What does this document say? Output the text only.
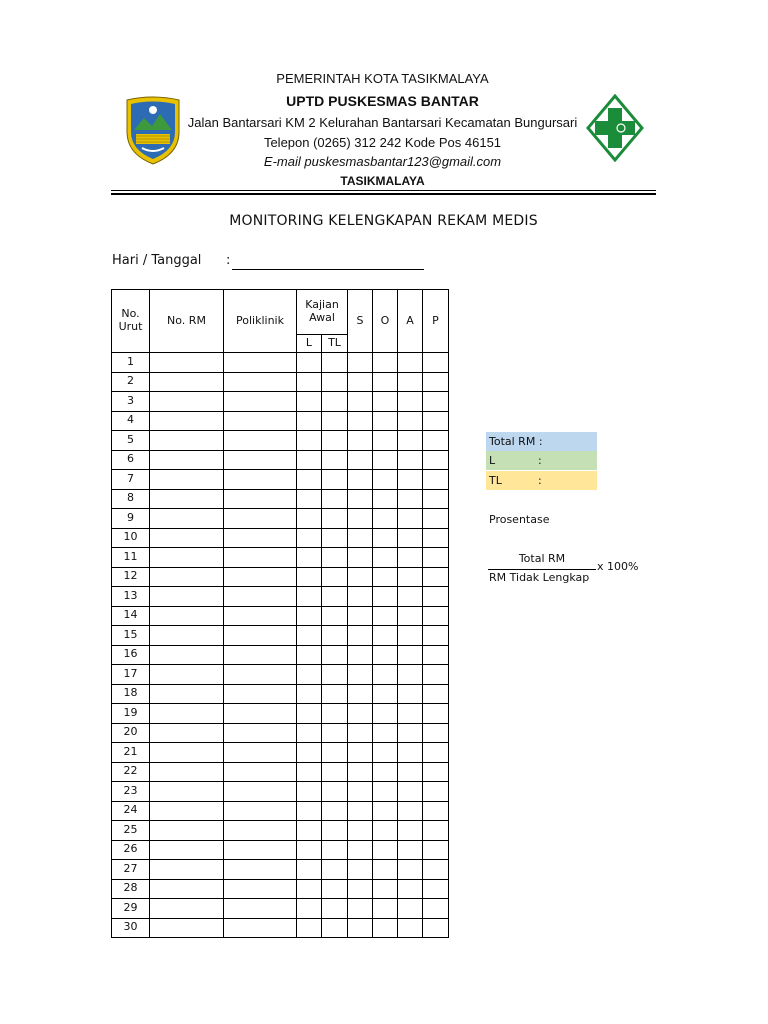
PEMERINTAH KOTA TASIKMALAYA
UPTD PUSKESMAS BANTAR
Jalan Bantarsari KM 2 Kelurahan Bantarsari Kecamatan Bungursari
Telepon (0265) 312 242 Kode Pos 46151
E-mail puskesmasbantar123@gmail.com
TASIKMALAYA
MONITORING KELENGKAPAN REKAM MEDIS
Hari / Tanggal :
No. Urut	No. RM	Poliklinik	Kajian Awal		S	O	A	P
			L	TL				
1								
2								
3								
4								
5								
6								
7								
8								
9								
10								
11								
12								
13								
14								
15								
16								
17								
18								
19								
20								
21								
22								
23								
24								
25								
26								
27								
28								
29								
30								
Total RM :
L	:
TL	:
Prosentase
Total RM
RM Tidak Lengkap
x 100%
